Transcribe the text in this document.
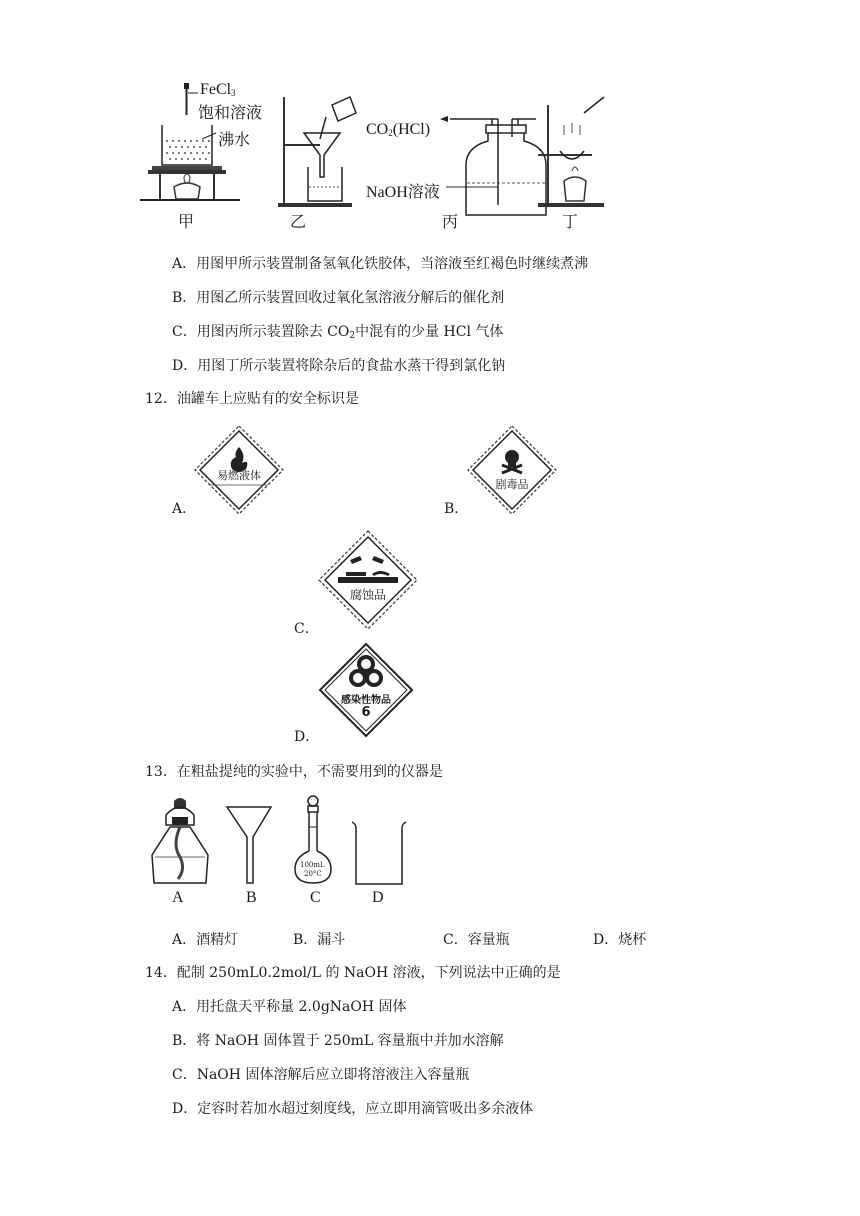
FeCl$_3$
饱和溶液
沸水
甲	乙
$CO_2(HCl)$
NaOH溶液
丙	丁
A．用图甲所示装置制备氢氧化铁胶体，当溶液至红褐色时继续煮沸
B．用图乙所示装置回收过氧化氢溶液分解后的催化剂
C．用图丙所示装置除去 $CO_2$中混有的少量 HCl 气体
D．用图丁所示装置将除杂后的食盐水蒸干得到氯化钠
12．油罐车上应贴有的安全标识是
易燃液体
A．
剧毒品
B．
腐蚀品
C．
感染性物品
6
D．
13．在粗盐提纯的实验中，不需要用到的仪器是
A	B
100mL
20°C
C	D
A．酒精灯	B．漏斗	C．容量瓶	D．烧杯
14．配制 250mL0.2mol/L 的 NaOH 溶液，下列说法中正确的是
A．用托盘天平称量 2.0gNaOH 固体
B．将 NaOH 固体置于 250mL 容量瓶中并加水溶解
C．NaOH 固体溶解后应立即将溶液注入容量瓶
D．定容时若加水超过刻度线，应立即用滴管吸出多余液体
